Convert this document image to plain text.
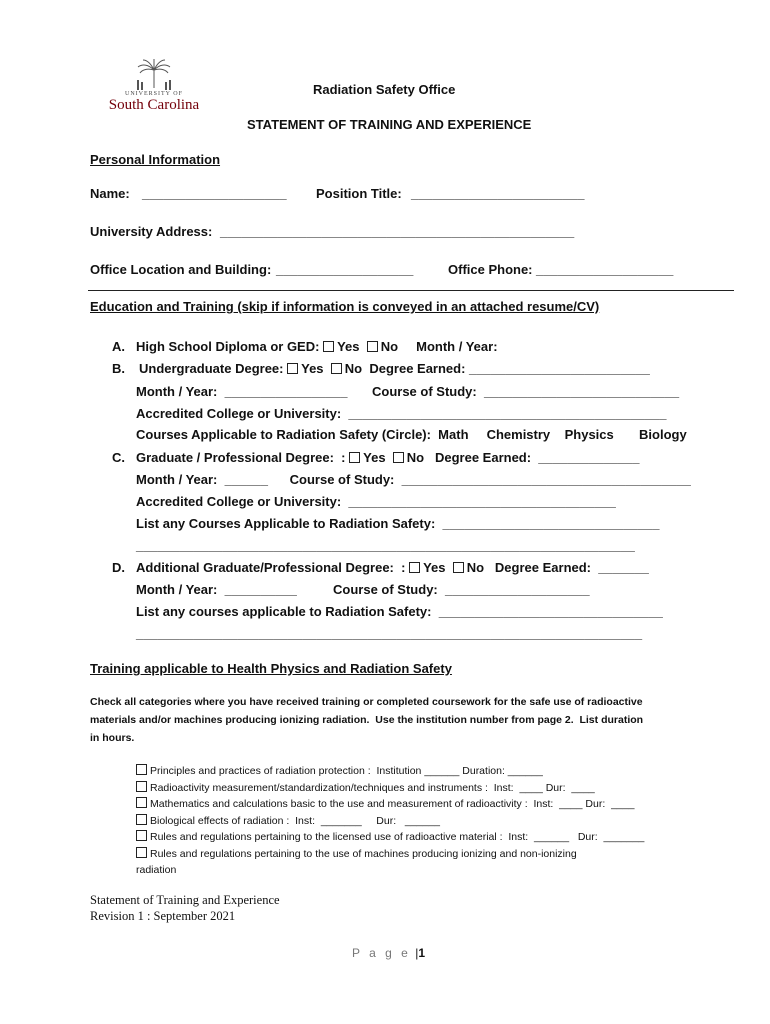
UNIVERSITY OF
South Carolina
Radiation Safety Office
STATEMENT OF TRAINING AND EXPERIENCE
Personal Information
Name: ____________________ Position Title: ________________________
University Address: _________________________________________________
Office Location and Building: ___________________	Office Phone: ___________________
Education and Training (skip if information is conveyed in an attached resume/CV)
A. High School Diploma or GED: Yes No Month / Year:
B. Undergraduate Degree: Yes No Degree Earned: _________________________
Month / Year:  _________________ Course of Study:  ___________________________
Accredited College or University:  ____________________________________________
Courses Applicable to Radiation Safety (Circle):  Math     Chemistry    Physics       Biology
C. Graduate / Professional Degree:  : Yes No Degree Earned:  ______________
Month / Year:  ______      Course of Study:  ________________________________________
Accredited College or University:  _____________________________________
List any Courses Applicable to Radiation Safety:  ______________________________
_____________________________________________________________________
D. Additional Graduate/Professional Degree:  : Yes No Degree Earned:  _______
Month / Year:  __________          Course of Study:  ____________________
List any courses applicable to Radiation Safety:  _______________________________
______________________________________________________________________
Training applicable to Health Physics and Radiation Safety
Check all categories where you have received training or completed coursework for the safe use of radioactive
materials and/or machines producing ionizing radiation.  Use the institution number from page 2.  List duration
in hours.
Principles and practices of radiation protection :  Institution ______ Duration: ______
Radioactivity measurement/standardization/techniques and instruments :  Inst:  ____ Dur:  ____
Mathematics and calculations basic to the use and measurement of radioactivity :  Inst:  ____ Dur:  ____
Biological effects of radiation :  Inst:  _______     Dur:   ______
Rules and regulations pertaining to the licensed use of radioactive material :  Inst:  ______   Dur:  _______
Rules and regulations pertaining to the use of machines producing ionizing and non-ionizing
radiation
Statement of Training and Experience
Revision 1 : September 2021
P a g e |1
